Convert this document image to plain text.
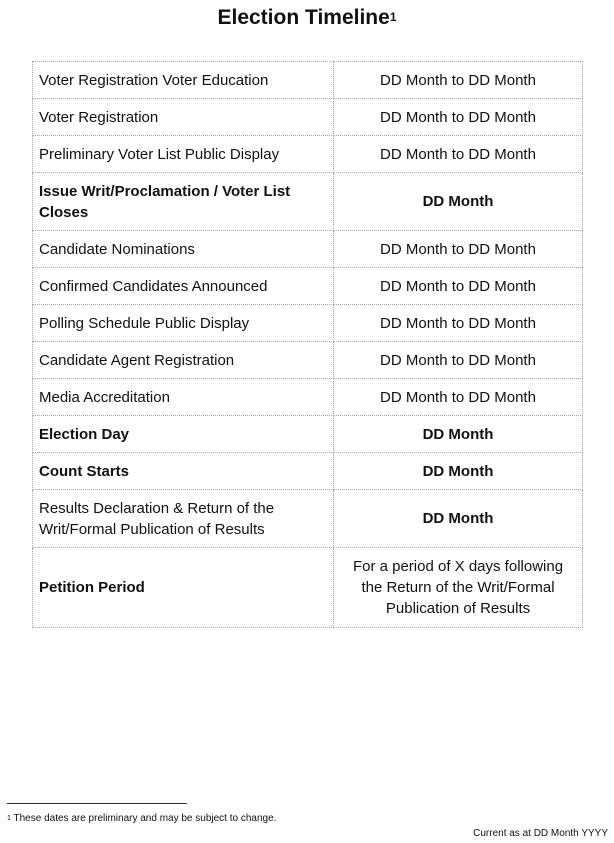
Election Timeline$^1$
Voter Registration Voter Education	DD Month to DD Month
Voter Registration	DD Month to DD Month
Preliminary Voter List Public Display	DD Month to DD Month
Issue Writ/Proclamation / Voter List Closes	DD Month
Candidate Nominations	DD Month to DD Month
Confirmed Candidates Announced	DD Month to DD Month
Polling Schedule Public Display	DD Month to DD Month
Candidate Agent Registration	DD Month to DD Month
Media Accreditation	DD Month to DD Month
Election Day	DD Month
Count Starts	DD Month
Results Declaration & Return of the Writ/Formal Publication of Results	DD Month
Petition Period	For a period of X days following the Return of the Writ/Formal Publication of Results
$^1$ These dates are preliminary and may be subject to change.
Current as at DD Month YYYY
